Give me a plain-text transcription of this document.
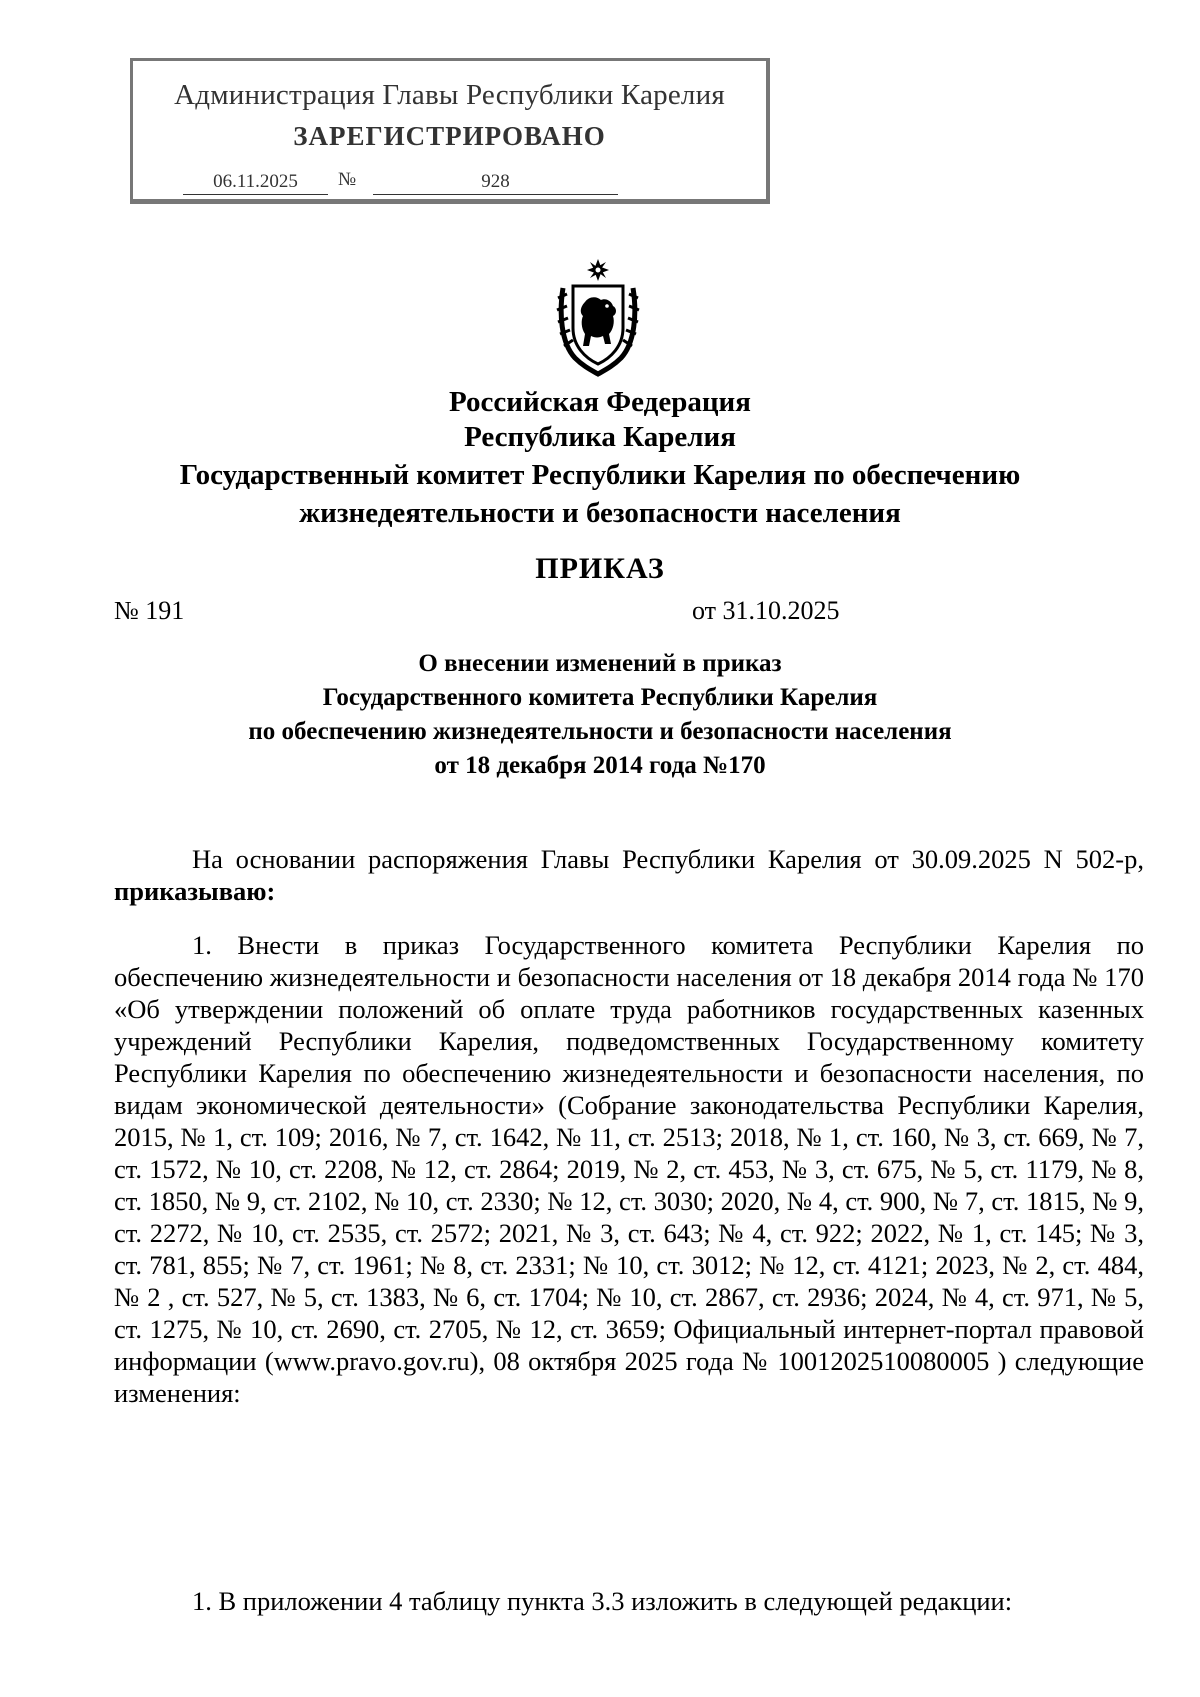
Администрация Главы Республики Карелия
ЗАРЕГИСТРИРОВАНО
06.11.2025	№	928
Российская Федерация
Республика Карелия
Государственный комитет Республики Карелия по обеспечению
жизнедеятельности и безопасности населения
ПРИКАЗ
№ 191	от 31.10.2025
О внесении изменений в приказ
Государственного комитета Республики Карелия
по обеспечению жизнедеятельности и безопасности населения
от 18 декабря 2014 года №170
На основании распоряжения Главы Республики Карелия от 30.09.2025 N 502-р, приказываю:
1. Внести в приказ Государственного комитета Республики Карелия по обеспечению жизнедеятельности и безопасности населения от 18 декабря 2014 года № 170 «Об утверждении положений об оплате труда работников государственных казенных учреждений Республики Карелия, подведомственных Государственному комитету Республики Карелия по обеспечению жизнедеятельности и безопасности населения, по видам экономической деятельности» (Собрание законодательства Республики Карелия, 2015, № 1, ст. 109; 2016, № 7, ст. 1642, № 11, ст. 2513; 2018, № 1, ст. 160, № 3, ст. 669, № 7, ст. 1572, № 10, ст. 2208, № 12, ст. 2864; 2019, № 2, ст. 453, № 3, ст. 675, № 5, ст. 1179, № 8, ст. 1850, № 9, ст. 2102, № 10, ст. 2330; № 12, ст. 3030; 2020, № 4, ст. 900, № 7, ст. 1815, № 9, ст. 2272, № 10, ст. 2535, ст. 2572; 2021, № 3, ст. 643; № 4, ст. 922; 2022, № 1, ст. 145; № 3, ст. 781, 855; № 7, ст. 1961; № 8, ст. 2331; № 10, ст. 3012; № 12, ст. 4121; 2023, № 2, ст. 484, № 2 , ст. 527, № 5, ст. 1383, № 6, ст. 1704; № 10, ст. 2867, ст. 2936; 2024, № 4, ст. 971, № 5, ст. 1275, № 10, ст. 2690, ст. 2705, № 12, ст. 3659; Официальный интернет-портал правовой информации (www.pravo.gov.ru), 08 октября 2025 года № 1001202510080005 ) следующие изменения:
1. В приложении 4 таблицу пункта 3.3 изложить в следующей редакции:
